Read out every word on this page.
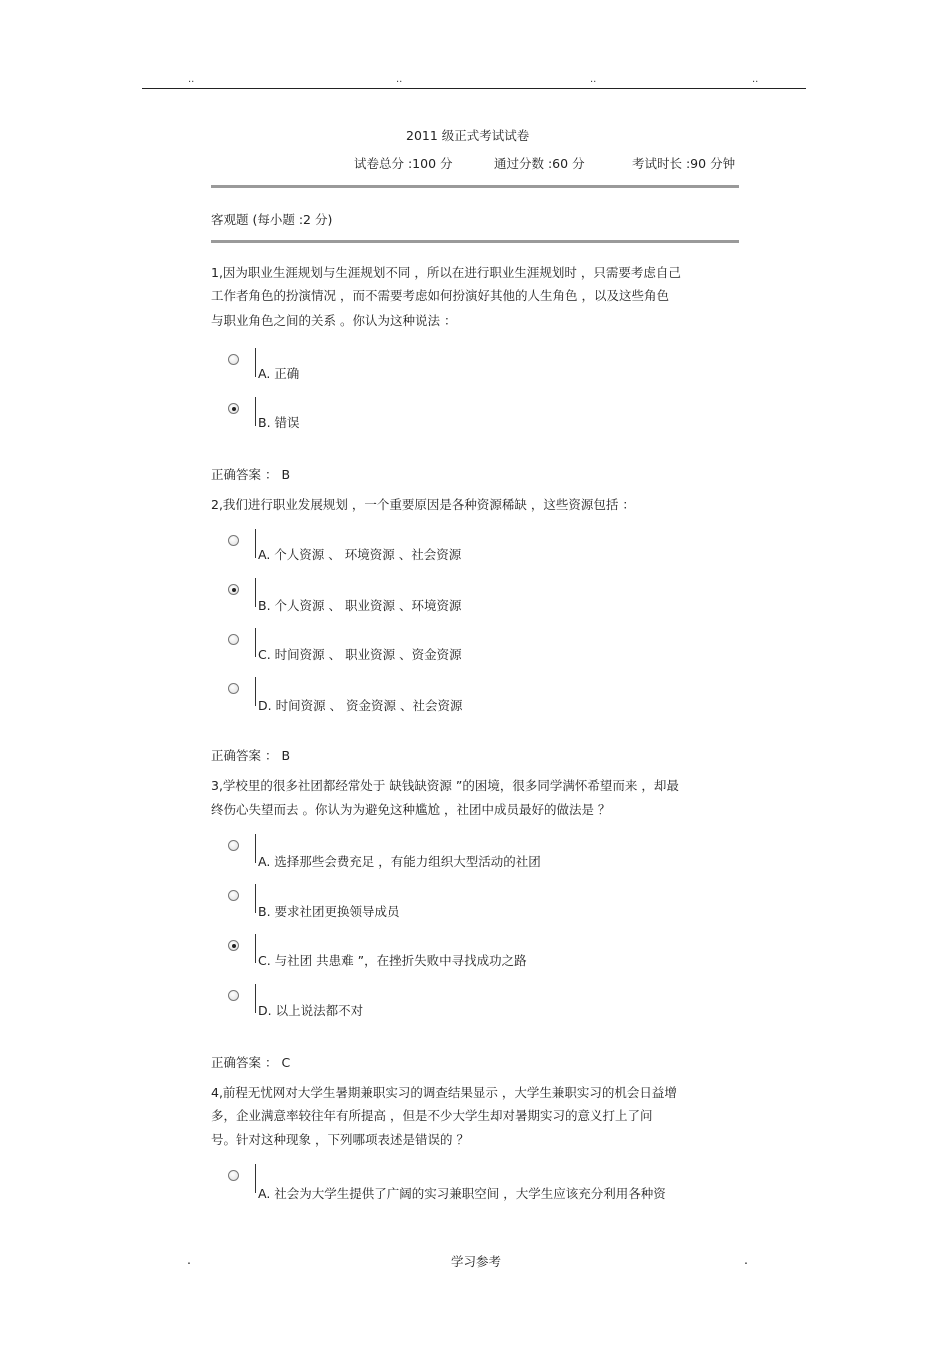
..	..	..	..
2011 级正式考试试卷
试卷总分 :100 分	通过分数 :60 分	考试时长 :90 分钟
客观题 (每小题 :2 分)
1,因为职业生涯规划与生涯规划不同 ，所以在进行职业生涯规划时 ，只需要考虑自己
工作者角色的扮演情况 ，而不需要考虑如何扮演好其他的人生角色 ，以及这些角色
与职业角色之间的关系 。你认为这种说法 ：
A. 正确
B. 错误
正确答案 ： B
2,我们进行职业发展规划 ，一个重要原因是各种资源稀缺 ，这些资源包括 ：
A. 个人资源 、 环境资源 、社会资源
B. 个人资源 、 职业资源 、环境资源
C. 时间资源 、 职业资源 、资金资源
D. 时间资源 、 资金资源 、社会资源
正确答案 ： B
3,学校里的很多社团都经常处于 缺钱缺资源 ”的困境，很多同学满怀希望而来 ，却最
终伤心失望而去 。你认为为避免这种尴尬 ，社团中成员最好的做法是 ？
A. 选择那些会费充足 ，有能力组织大型活动的社团
B. 要求社团更换领导成员
C. 与社团 共患难 ”，在挫折失败中寻找成功之路
D. 以上说法都不对
正确答案 ： C
4,前程无忧网对大学生暑期兼职实习的调查结果显示 ，大学生兼职实习的机会日益增
多，企业满意率较往年有所提高 ，但是不少大学生却对暑期实习的意义打上了问
号。针对这种现象 ，下列哪项表述是错误的 ？
A. 社会为大学生提供了广阔的实习兼职空间 ，大学生应该充分利用各种资
.	学习参考	.
